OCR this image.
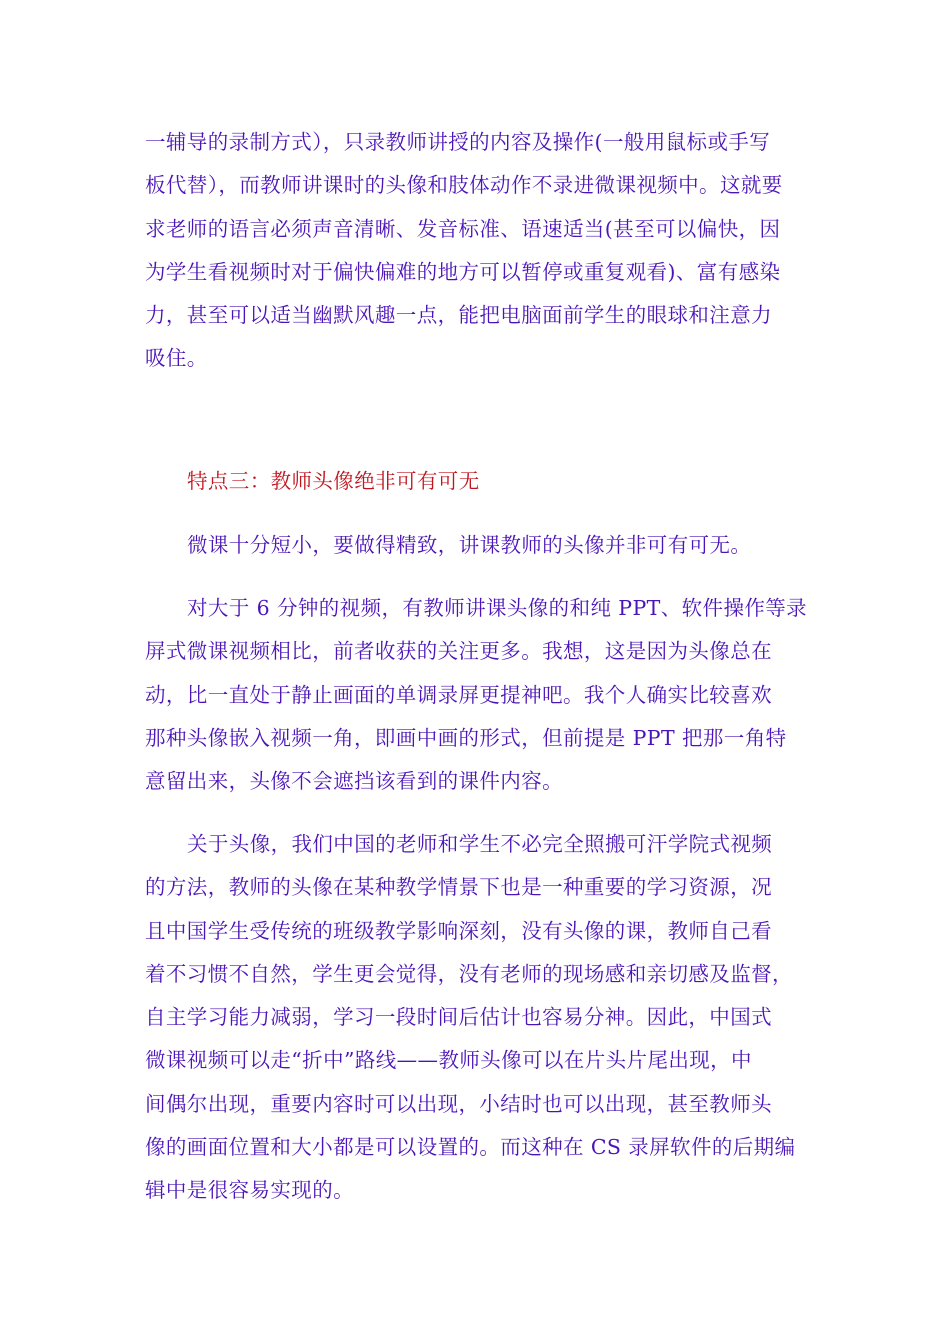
一辅导的录制方式），只录教师讲授的内容及操作(一般用鼠标或手写
板代替），而教师讲课时的头像和肢体动作不录进微课视频中。这就要
求老师的语言必须声音清晰、发音标准、语速适当(甚至可以偏快，因
为学生看视频时对于偏快偏难的地方可以暂停或重复观看)、富有感染
力，甚至可以适当幽默风趣一点，能把电脑面前学生的眼球和注意力
吸住。
特点三：教师头像绝非可有可无
微课十分短小，要做得精致，讲课教师的头像并非可有可无。
对大于 6 分钟的视频，有教师讲课头像的和纯 PPT、软件操作等录
屏式微课视频相比，前者收获的关注更多。我想，这是因为头像总在
动，比一直处于静止画面的单调录屏更提神吧。我个人确实比较喜欢
那种头像嵌入视频一角，即画中画的形式，但前提是 PPT 把那一角特
意留出来，头像不会遮挡该看到的课件内容。
关于头像，我们中国的老师和学生不必完全照搬可汗学院式视频
的方法，教师的头像在某种教学情景下也是一种重要的学习资源，况
且中国学生受传统的班级教学影响深刻，没有头像的课，教师自己看
着不习惯不自然，学生更会觉得，没有老师的现场感和亲切感及监督，
自主学习能力减弱，学习一段时间后估计也容易分神。因此，中国式
微课视频可以走“折中”路线——教师头像可以在片头片尾出现，中
间偶尔出现，重要内容时可以出现，小结时也可以出现，甚至教师头
像的画面位置和大小都是可以设置的。而这种在 CS 录屏软件的后期编
辑中是很容易实现的。
